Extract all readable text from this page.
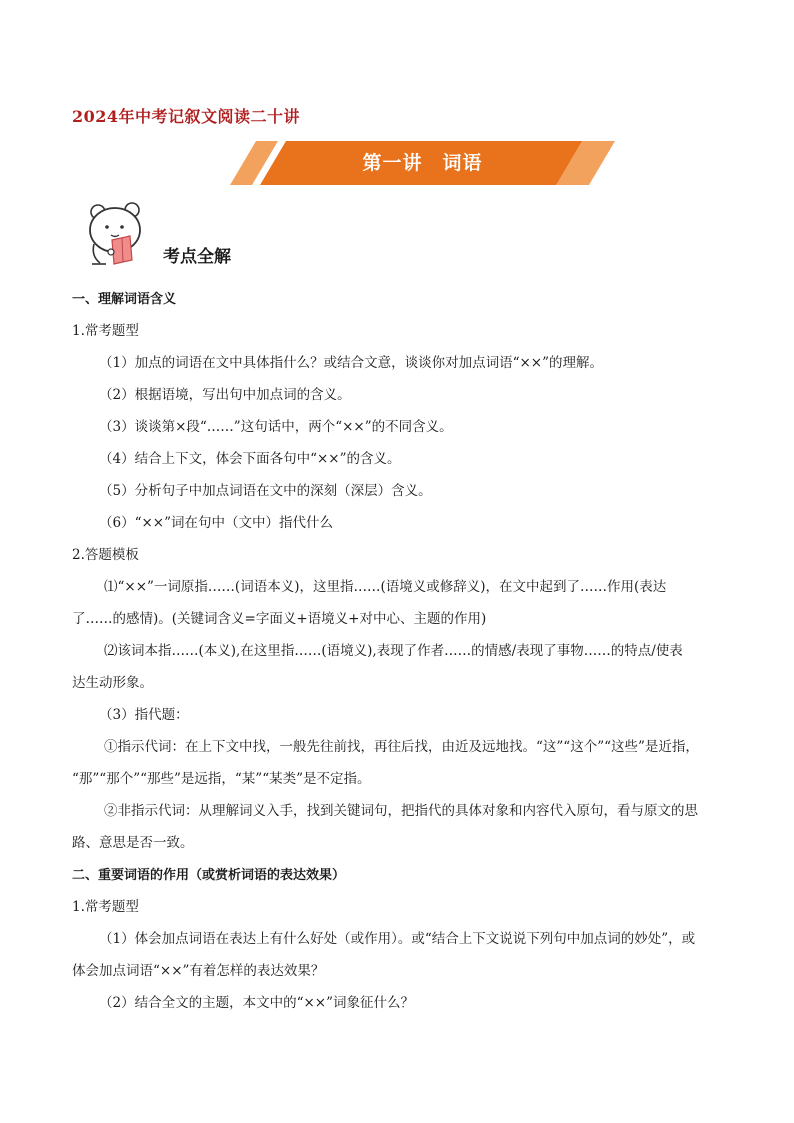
2024年中考记叙文阅读二十讲
第一讲　词语
考点全解

一、理解词语含义

1.常考题型

（1）加点的词语在文中具体指什么？或结合文意，谈谈你对加点词语“××”的理解。

（2）根据语境，写出句中加点词的含义。

（3）谈谈第×段“……”这句话中，两个“××”的不同含义。

（4）结合上下文，体会下面各句中“××”的含义。

（5）分析句子中加点词语在文中的深刻（深层）含义。

（6）“××”词在句中（文中）指代什么

2.答题模板

⑴“××”一词原指……(词语本义)，这里指……(语境义或修辞义)，在文中起到了……作用(表达

了……的感情)。(关键词含义=字面义+语境义+对中心、主题的作用)

⑵该词本指……(本义),在这里指……(语境义),表现了作者……的情感/表现了事物……的特点/使表

达生动形象。

（3）指代题：

①指示代词：在上下文中找，一般先往前找，再往后找，由近及远地找。“这”“这个”“这些”是近指，

“那”“那个”“那些”是远指，“某”“某类”是不定指。

②非指示代词：从理解词义入手，找到关键词句，把指代的具体对象和内容代入原句，看与原文的思

路、意思是否一致。

二、重要词语的作用（或赏析词语的表达效果）

1.常考题型

（1）体会加点词语在表达上有什么好处（或作用）。或“结合上下文说说下列句中加点词的妙处”，或

体会加点词语“××”有着怎样的表达效果？

（2）结合全文的主题，本文中的“××”词象征什么？
